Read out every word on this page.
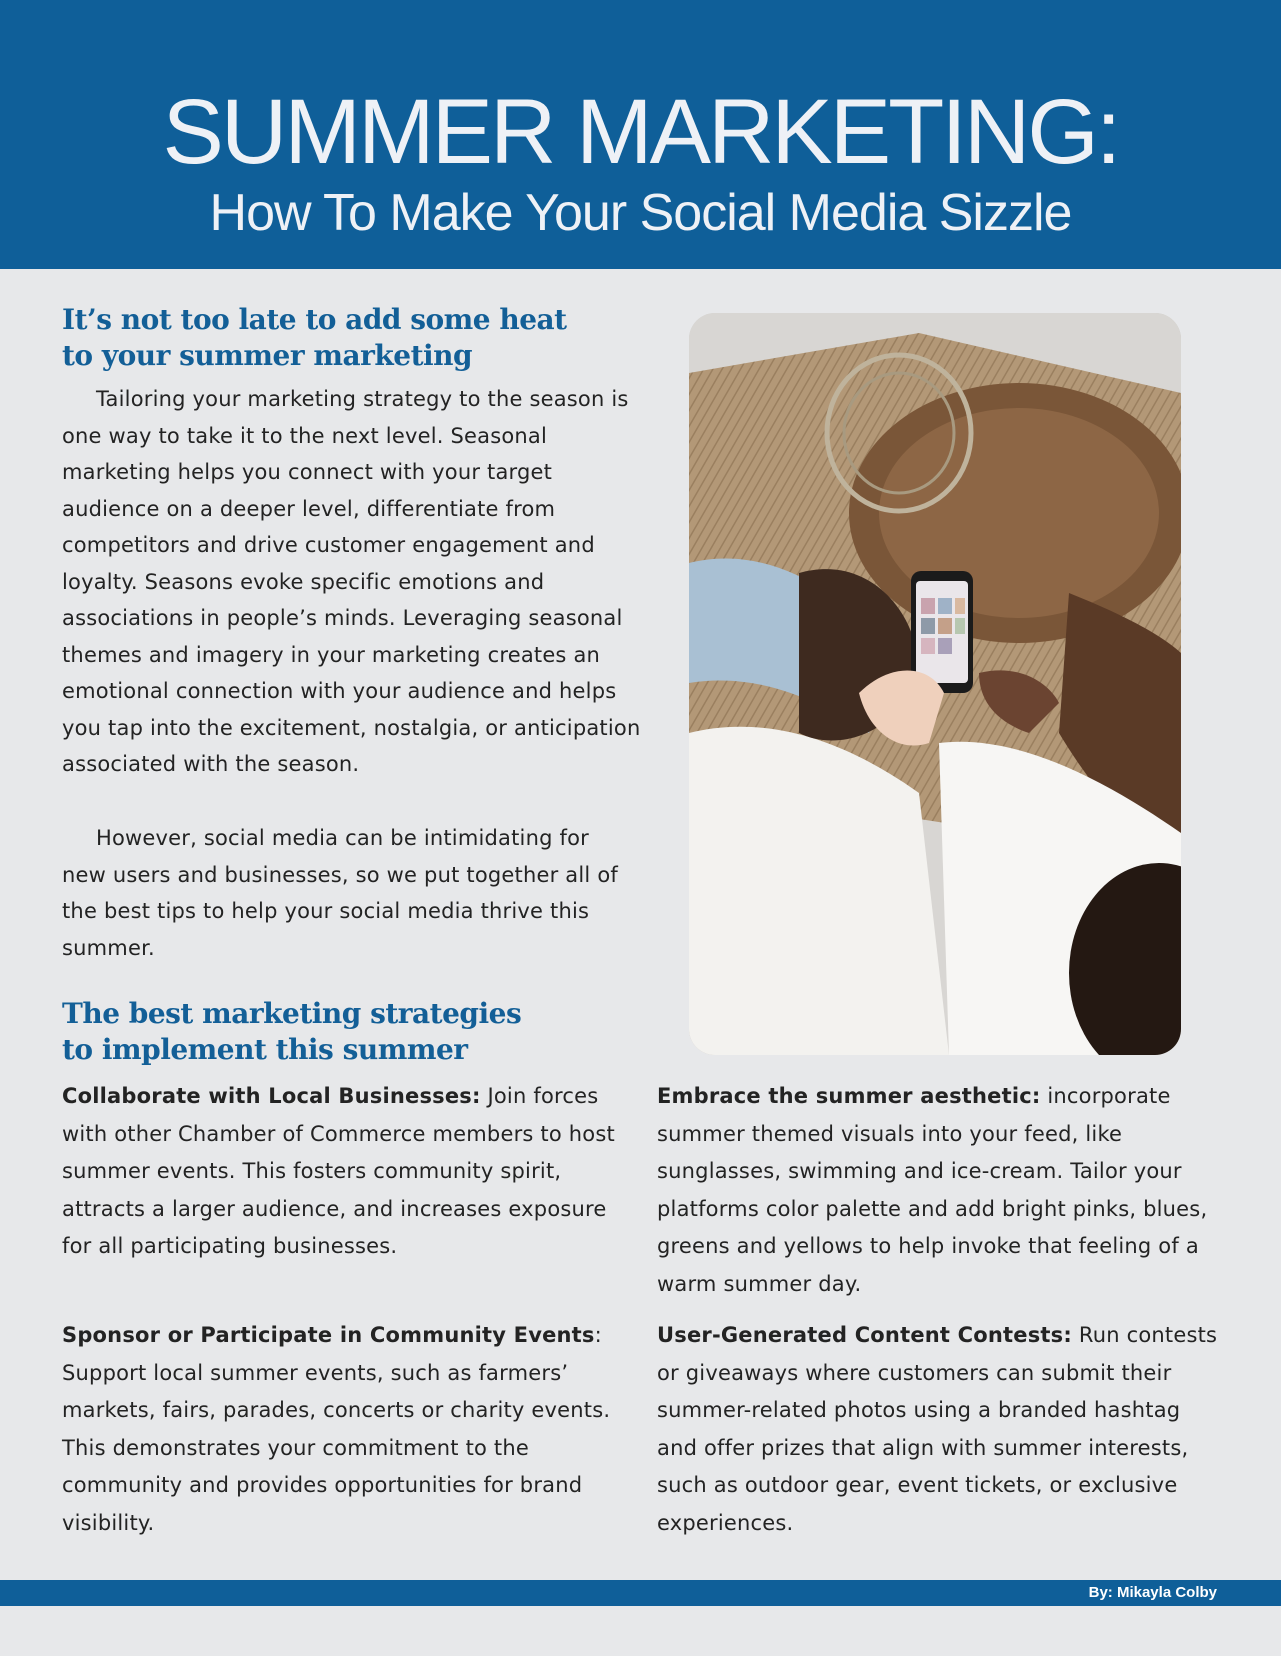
SUMMER MARKETING:
How To Make Your Social Media Sizzle
It’s not too late to add some heat
to your summer marketing

Tailoring your marketing strategy to the season is one way to take it to the next level. Seasonal marketing helps you connect with your target audience on a deeper level, differentiate from competitors and drive customer engagement and loyalty. Seasons evoke specific emotions and associations in people’s minds. Leveraging seasonal themes and imagery in your marketing creates an emotional connection with your audience and helps you tap into the excitement, nostalgia, or anticipation associated with the season.

However, social media can be intimidating for new users and businesses, so we put together all of the best tips to help your social media thrive this summer.

The best marketing strategies
to implement this summer

Collaborate with Local Businesses: Join forces with other Chamber of Commerce members to host summer events. This fosters community spirit, attracts a larger audience, and increases exposure for all participating businesses.

Sponsor or Participate in Community Events: Support local summer events, such as farmers’ markets, fairs, parades, concerts or charity events. This demonstrates your commitment to the community and provides opportunities for brand visibility.

Embrace the summer aesthetic: incorporate summer themed visuals into your feed, like sunglasses, swimming and ice-cream. Tailor your platforms color palette and add bright pinks, blues, greens and yellows to help invoke that feeling of a warm summer day.

User-Generated Content Contests: Run contests or giveaways where customers can submit their summer-related photos using a branded hashtag and offer prizes that align with summer interests, such as outdoor gear, event tickets, or exclusive experiences.

By: Mikayla Colby
